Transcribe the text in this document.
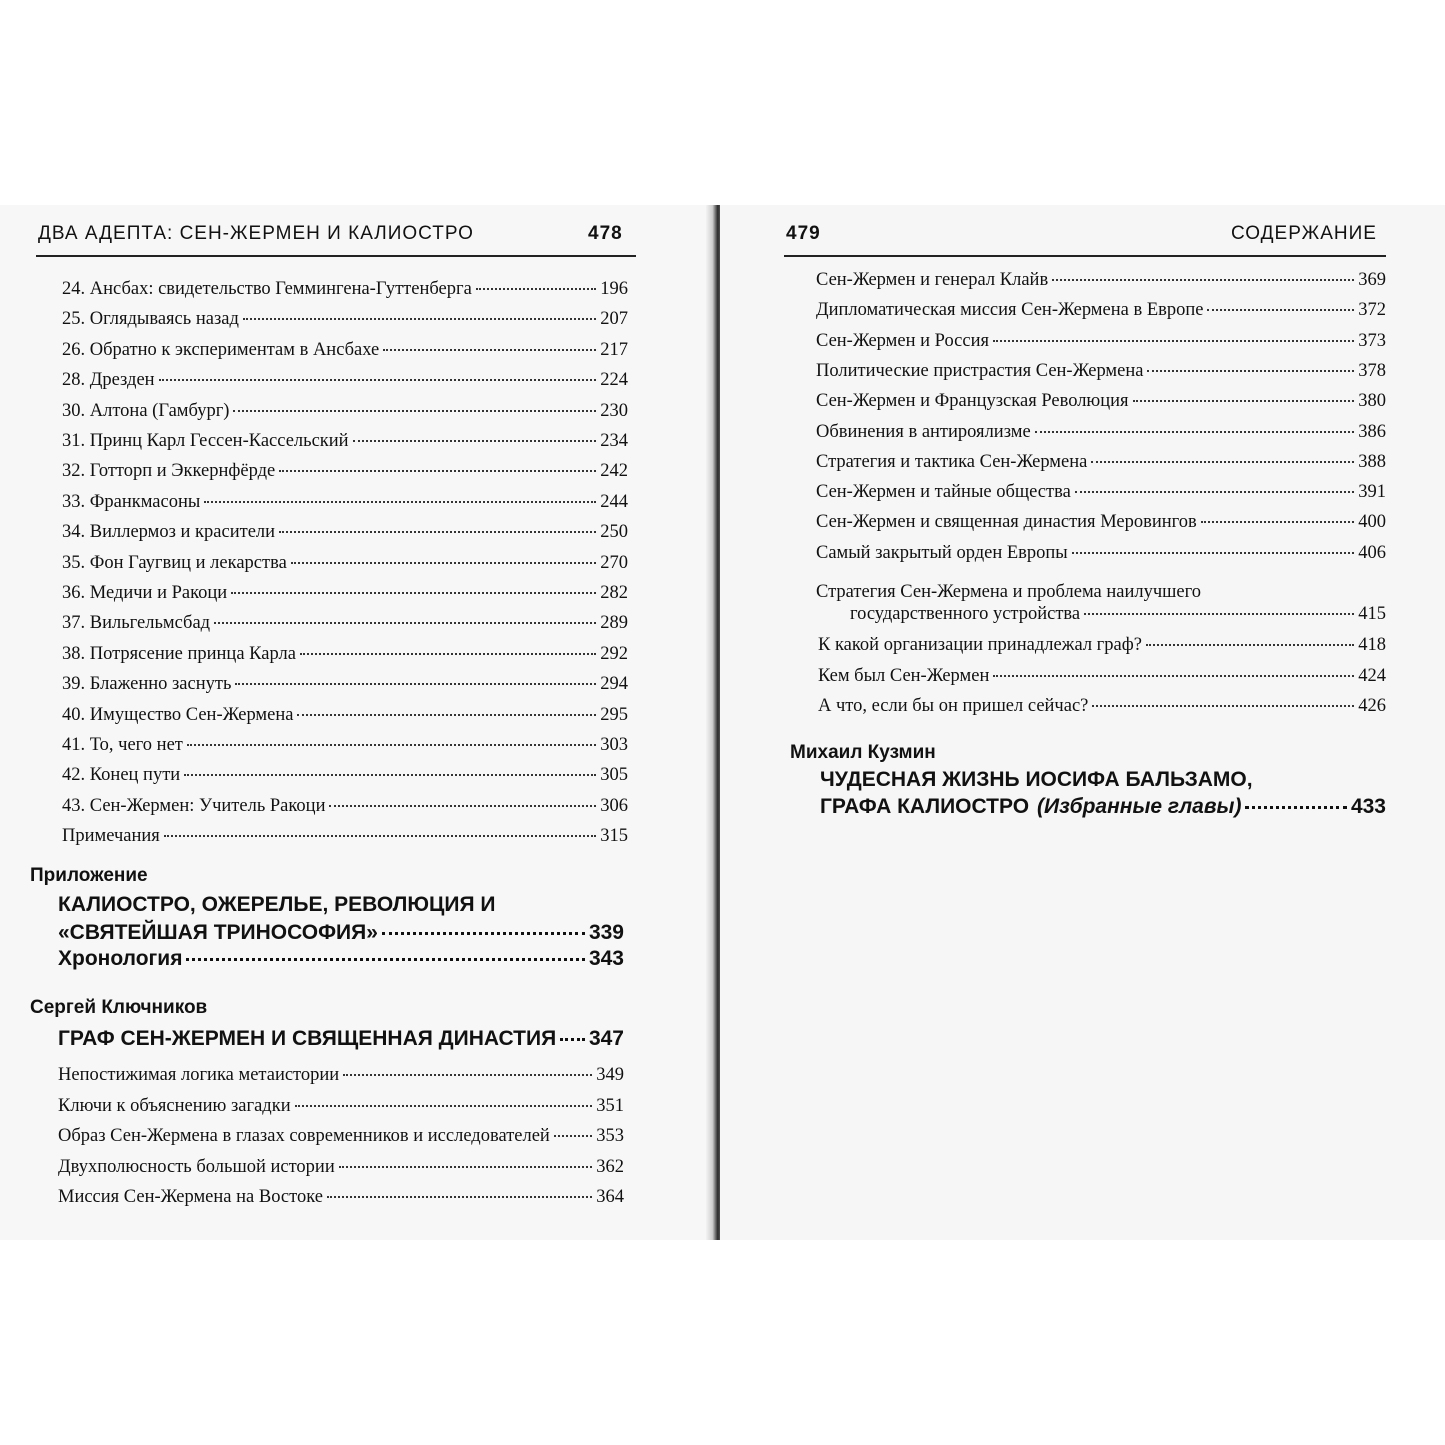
ДВА АДЕПТА: СЕН-ЖЕРМЕН И КАЛИОСТРО	478
24. Ансбах: свидетельство Геммингена-Гуттенберга	196
25. Оглядываясь назад	207
26. Обратно к экспериментам в Ансбахе	217
28. Дрезден	224
30. Алтона (Гамбург)	230
31. Принц Карл Гессен-Кассельский	234
32. Готторп и Эккернфёрде	242
33. Франкмасоны	244
34. Виллермоз и красители	250
35. Фон Гаугвиц и лекарства	270
36. Медичи и Ракоци	282
37. Вильгельмсбад	289
38. Потрясение принца Карла	292
39. Блаженно заснуть	294
40. Имущество Сен-Жермена	295
41. То, чего нет	303
42. Конец пути	305
43. Сен-Жермен: Учитель Ракоци	306
Примечания	315
Приложение
КАЛИОСТРО, ОЖЕРЕЛЬЕ, РЕВОЛЮЦИЯ И
«СВЯТЕЙШАЯ ТРИНОСОФИЯ»	339
Хронология	343
Сергей Ключников
ГРАФ СЕН-ЖЕРМЕН И СВЯЩЕННАЯ ДИНАСТИЯ 347
Непостижимая логика метаистории	349
Ключи к объяснению загадки	351
Образ Сен-Жермена в глазах современников и исследователей	353
Двухполюсность большой истории	362
Миссия Сен-Жермена на Востоке	364
479	СОДЕРЖАНИЕ
Сен-Жермен и генерал Клайв	369
Дипломатическая миссия Сен-Жермена в Европе	372
Сен-Жермен и Россия	373
Политические пристрастия Сен-Жермена	378
Сен-Жермен и Французская Революция	380
Обвинения в антироялизме	386
Стратегия и тактика Сен-Жермена	388
Сен-Жермен и тайные общества	391
Сен-Жермен и священная династия Меровингов	400
Самый закрытый орден Европы	406
Стратегия Сен-Жермена и проблема наилучшего
государственного устройства	415
К какой организации принадлежал граф?	418
Кем был Сен-Жермен	424
А что, если бы он пришел сейчас?	426
Михаил Кузмин
ЧУДЕСНАЯ ЖИЗНЬ ИОСИФА БАЛЬЗАМО,
ГРАФА КАЛИОСТРО (Избранные главы)	433
